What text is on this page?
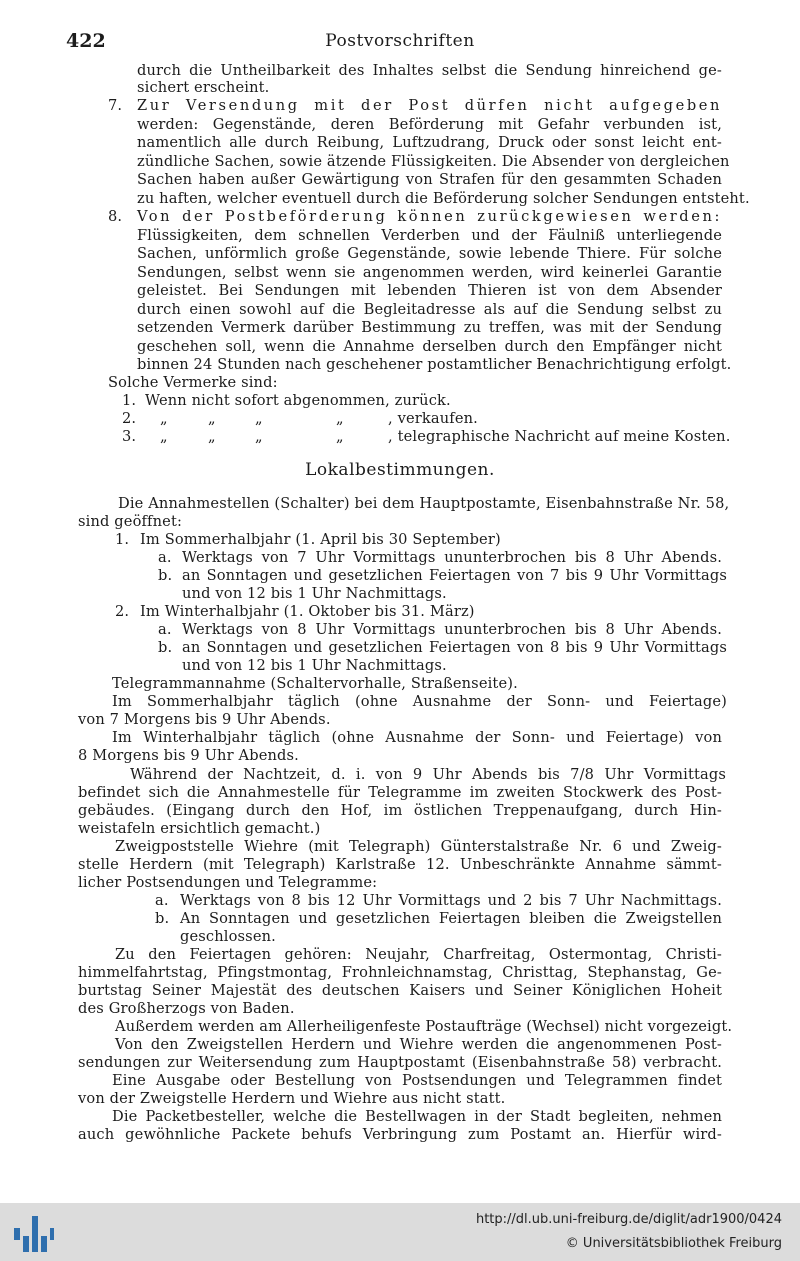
422	Postvorschriften

durch die Untheilbarkeit des Inhaltes selbst die Sendung hinreichend ge-

sichert erscheint.

7. Zur Versendung mit der Post dürfen nicht aufgegeben

werden: Gegenstände, deren Beförderung mit Gefahr verbunden ist,

namentlich alle durch Reibung, Luftzudrang, Druck oder sonst leicht ent-

zündliche Sachen, sowie ätzende Flüssigkeiten. Die Absender von dergleichen

Sachen haben außer Gewärtigung von Strafen für den gesammten Schaden

zu haften, welcher eventuell durch die Beförderung solcher Sendungen entsteht.

8. Von der Postbeförderung können zurückgewiesen werden:

Flüssigkeiten, dem schnellen Verderben und der Fäulniß unterliegende

Sachen, unförmlich große Gegenstände, sowie lebende Thiere. Für solche

Sendungen, selbst wenn sie angenommen werden, wird keinerlei Garantie

geleistet. Bei Sendungen mit lebenden Thieren ist von dem Absender

durch einen sowohl auf die Begleitadresse als auf die Sendung selbst zu

setzenden Vermerk darüber Bestimmung zu treffen, was mit der Sendung

geschehen soll, wenn die Annahme derselben durch den Empfänger nicht

binnen 24 Stunden nach geschehener postamtlicher Benachrichtigung erfolgt.

Solche Vermerke sind:

1. Wenn nicht sofort abgenommen, zurück.

2. „	„	„	„	, verkaufen.

3. „	„	„	„	, telegraphische Nachricht auf meine Kosten.

Lokalbestimmungen.

Die Annahmestellen (Schalter) bei dem Hauptpostamte, Eisenbahnstraße Nr. 58,

sind geöffnet:

1. Im Sommerhalbjahr (1. April bis 30 September)

a. Werktags von 7 Uhr Vormittags ununterbrochen bis 8 Uhr Abends.

b. an Sonntagen und gesetzlichen Feiertagen von 7 bis 9 Uhr Vormittags

und von 12 bis 1 Uhr Nachmittags.

2. Im Winterhalbjahr (1. Oktober bis 31. März)

a. Werktags von 8 Uhr Vormittags ununterbrochen bis 8 Uhr Abends.

b. an Sonntagen und gesetzlichen Feiertagen von 8 bis 9 Uhr Vormittags

und von 12 bis 1 Uhr Nachmittags.

Telegrammannahme (Schaltervorhalle, Straßenseite).

Im Sommerhalbjahr täglich (ohne Ausnahme der Sonn- und Feiertage)

von 7 Morgens bis 9 Uhr Abends.

Im Winterhalbjahr täglich (ohne Ausnahme der Sonn- und Feiertage) von

8 Morgens bis 9 Uhr Abends.

Während der Nachtzeit, d. i. von 9 Uhr Abends bis 7/8 Uhr Vormittags

befindet sich die Annahmestelle für Telegramme im zweiten Stockwerk des Post-

gebäudes. (Eingang durch den Hof, im östlichen Treppenaufgang, durch Hin-

weistafeln ersichtlich gemacht.)

Zweigpoststelle Wiehre (mit Telegraph) Günterstalstraße Nr. 6 und Zweig-

stelle Herdern (mit Telegraph) Karlstraße 12. Unbeschränkte Annahme sämmt-

licher Postsendungen und Telegramme:

a. Werktags von 8 bis 12 Uhr Vormittags und 2 bis 7 Uhr Nachmittags.

b. An Sonntagen und gesetzlichen Feiertagen bleiben die Zweigstellen

geschlossen.

Zu den Feiertagen gehören: Neujahr, Charfreitag, Ostermontag, Christi-

himmelfahrtstag, Pfingstmontag, Frohnleichnamstag, Christtag, Stephanstag, Ge-

burtstag Seiner Majestät des deutschen Kaisers und Seiner Königlichen Hoheit

des Großherzogs von Baden.

Außerdem werden am Allerheiligenfeste Postaufträge (Wechsel) nicht vorgezeigt.

Von den Zweigstellen Herdern und Wiehre werden die angenommenen Post-

sendungen zur Weitersendung zum Hauptpostamt (Eisenbahnstraße 58) verbracht.

Eine Ausgabe oder Bestellung von Postsendungen und Telegrammen findet

von der Zweigstelle Herdern und Wiehre aus nicht statt.

Die Packetbesteller, welche die Bestellwagen in der Stadt begleiten, nehmen

auch gewöhnliche Packete behufs Verbringung zum Postamt an. Hierfür wird-

http://dl.ub.uni-freiburg.de/diglit/adr1900/0424
© Universitätsbibliothek Freiburg
